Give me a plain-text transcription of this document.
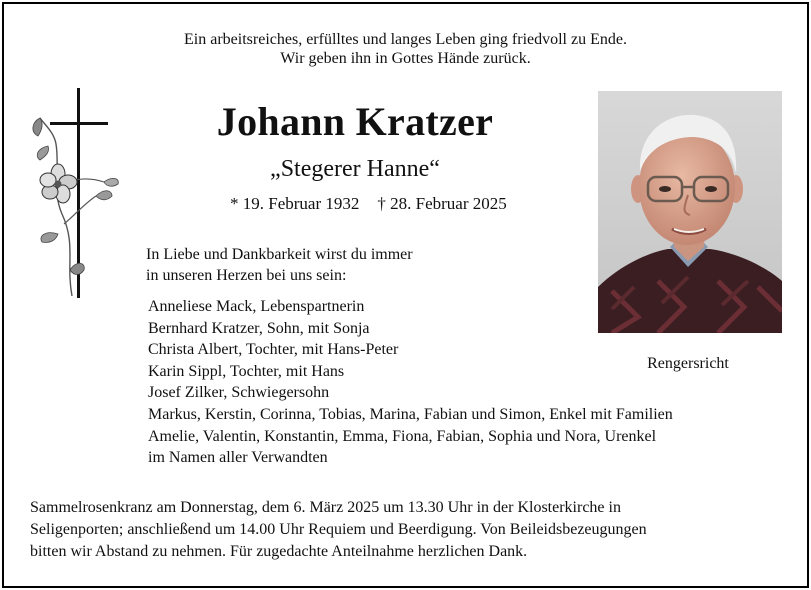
Ein arbeitsreiches, erfülltes und langes Leben ging friedvoll zu Ende.
Wir geben ihn in Gottes Hände zurück.
Johann Kratzer
„Stegerer Hanne“
* 19. Februar 1932 † 28. Februar 2025
In Liebe und Dankbarkeit wirst du immer
in unseren Herzen bei uns sein:
Anneliese Mack, Lebenspartnerin
Bernhard Kratzer, Sohn, mit Sonja
Christa Albert, Tochter, mit Hans-Peter
Karin Sippl, Tochter, mit Hans
Josef Zilker, Schwiegersohn
Markus, Kerstin, Corinna, Tobias, Marina, Fabian und Simon, Enkel mit Familien
Amelie, Valentin, Konstantin, Emma, Fiona, Fabian, Sophia und Nora, Urenkel
im Namen aller Verwandten
Rengersricht
Sammelrosenkranz am Donnerstag, dem 6. März 2025 um 13.30 Uhr in der Klosterkirche in
Seligenporten; anschließend um 14.00 Uhr Requiem und Beerdigung. Von Beileidsbezeugungen
bitten wir Abstand zu nehmen. Für zugedachte Anteilnahme herzlichen Dank.
